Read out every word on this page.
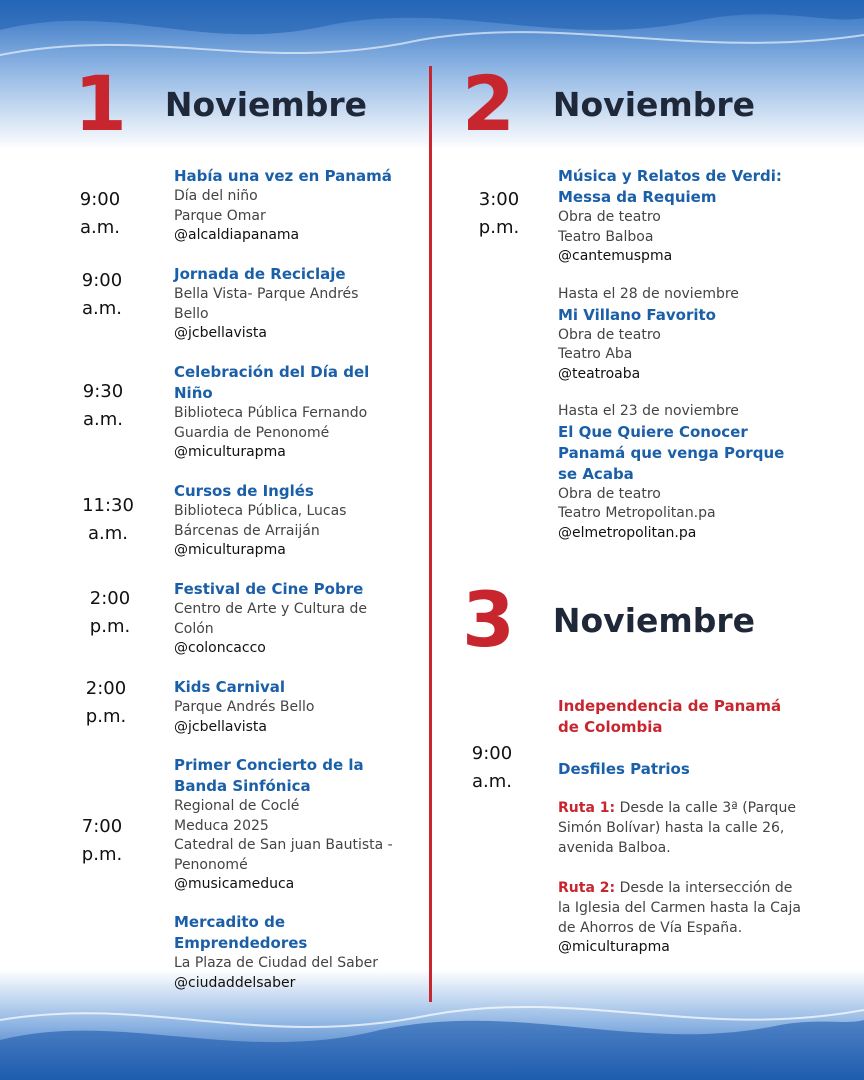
1 Noviembre
9:00
a.m.
Había una vez en Panamá
Día del niño
Parque Omar
@alcaldiapanama
9:00
a.m.
Jornada de Reciclaje
Bella Vista- Parque Andrés
Bello
@jcbellavista
9:30
a.m.
Celebración del Día del Niño
Biblioteca Pública Fernando
Guardia de Penonomé
@miculturapma
11:30
a.m.
Cursos de Inglés
Biblioteca Pública, Lucas
Bárcenas de Arraiján
@miculturapma
2:00
p.m.
Festival de Cine Pobre
Centro de Arte y Cultura de
Colón
@coloncacco
2:00
p.m.
Kids Carnival
Parque Andrés Bello
@jcbellavista
7:00
p.m.
Primer Concierto de la Banda Sinfónica
Regional de Coclé
Meduca 2025
Catedral de San juan Bautista -
Penonomé
@musicameduca
Mercadito de Emprendedores
La Plaza de Ciudad del Saber
@ciudaddelsaber
2 Noviembre
3:00
p.m.
Música y Relatos de Verdi: Messa da Requiem
Obra de teatro
Teatro Balboa
@cantemuspma
Hasta el 28 de noviembre
Mi Villano Favorito
Obra de teatro
Teatro Aba
@teatroaba
Hasta el 23 de noviembre
El Que Quiere Conocer Panamá que venga Porque se Acaba
Obra de teatro
Teatro Metropolitan.pa
@elmetropolitan.pa
3 Noviembre
9:00
a.m.
Independencia de Panamá de Colombia
Desfiles Patrios
Ruta 1: Desde la calle 3ª (Parque Simón Bolívar) hasta la calle 26, avenida Balboa.
Ruta 2: Desde la intersección de la Iglesia del Carmen hasta la Caja de Ahorros de Vía España.
@miculturapma
